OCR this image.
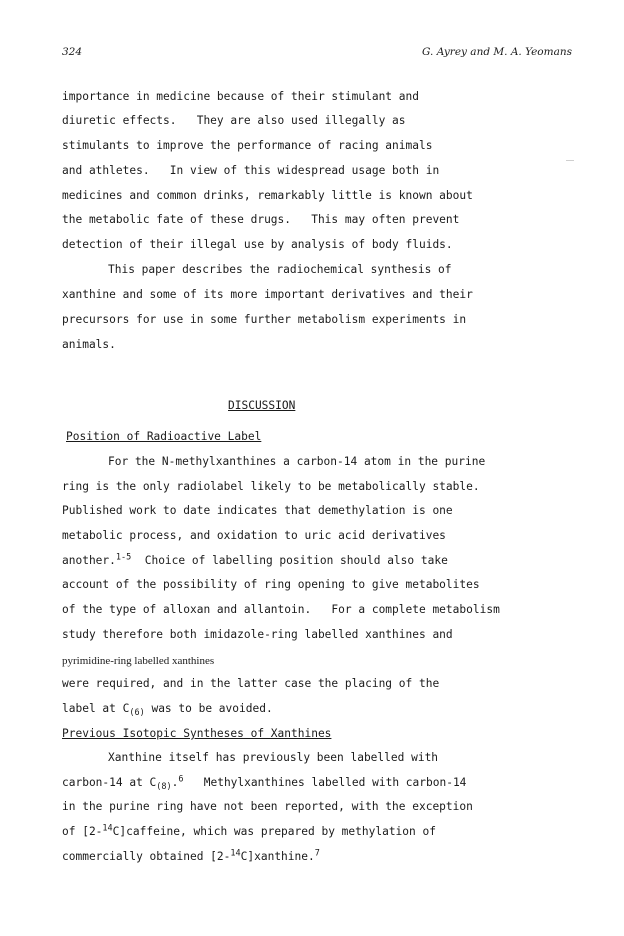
324	G. Ayrey and M. A. Yeomans
importance in medicine because of their stimulant and
diuretic effects.   They are also used illegally as
stimulants to improve the performance of racing animals
and athletes.   In view of this widespread usage both in
medicines and common drinks, remarkably little is known about
the metabolic fate of these drugs.   This may often prevent
detection of their illegal use by analysis of body fluids.
This paper describes the radiochemical synthesis of
xanthine and some of its more important derivatives and their
precursors for use in some further metabolism experiments in
animals.
DISCUSSION
Position of Radioactive Label
For the N-methylxanthines a carbon-14 atom in the purine
ring is the only radiolabel likely to be metabolically stable.
Published work to date indicates that demethylation is one
metabolic process, and oxidation to uric acid derivatives
another.$^{1-5}$  Choice of labelling position should also take
account of the possibility of ring opening to give metabolites
of the type of alloxan and allantoin.   For a complete metabolism
study therefore both imidazole-ring labelled xanthines and
pyrimidine-ring labelled xanthines
were required, and in the latter case the placing of the
label at $C_{(6)}$ was to be avoided.
Previous Isotopic Syntheses of Xanthines
Xanthine itself has previously been labelled with
carbon-14 at $C_{(8)}.^6$   Methylxanthines labelled with carbon-14
in the purine ring have not been reported, with the exception
of [2-$^{14}$C]caffeine, which was prepared by methylation of
commercially obtained [2-$^{14}$C]xanthine.$^7$
